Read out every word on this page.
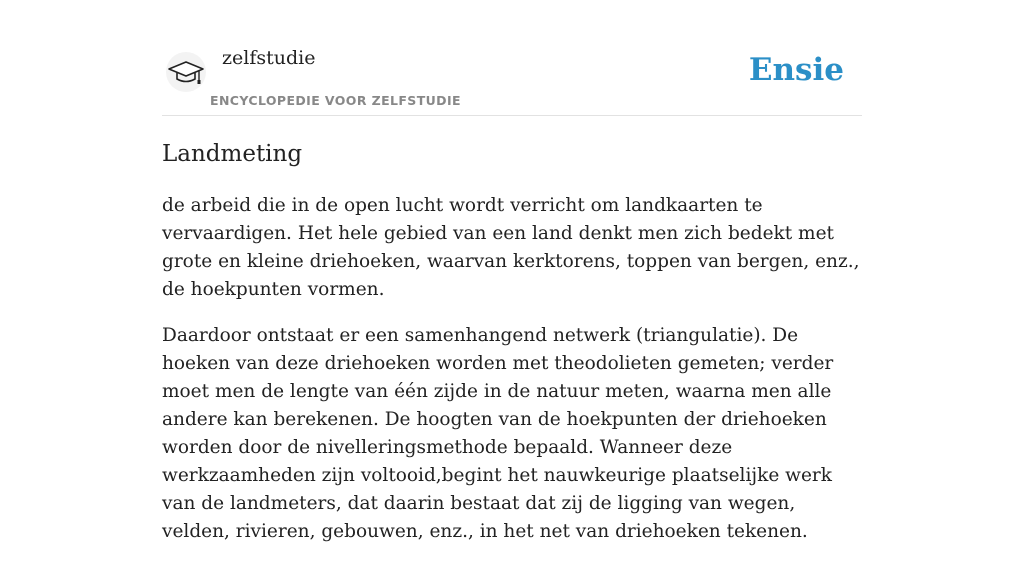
zelfstudie
ENCYCLOPEDIE VOOR ZELFSTUDIE
Ensie
Landmeting

de arbeid die in de open lucht wordt verricht om landkaarten te vervaardigen. Het hele gebied van een land denkt men zich bedekt met grote en kleine driehoeken, waarvan kerktorens, toppen van bergen, enz., de hoekpunten vormen.

Daardoor ontstaat er een samenhangend netwerk (triangulatie). De hoeken van deze driehoeken worden met theodolieten gemeten; verder moet men de lengte van één zijde in de natuur meten, waarna men alle andere kan berekenen. De hoogten van de hoekpunten der driehoeken worden door de nivelleringsmethode bepaald. Wanneer deze werkzaamheden zijn voltooid,begint het nauwkeurige plaatselijke werk van de landmeters, dat daarin bestaat dat zij de ligging van wegen, velden, rivieren, gebouwen, enz., in het net van driehoeken tekenen.
